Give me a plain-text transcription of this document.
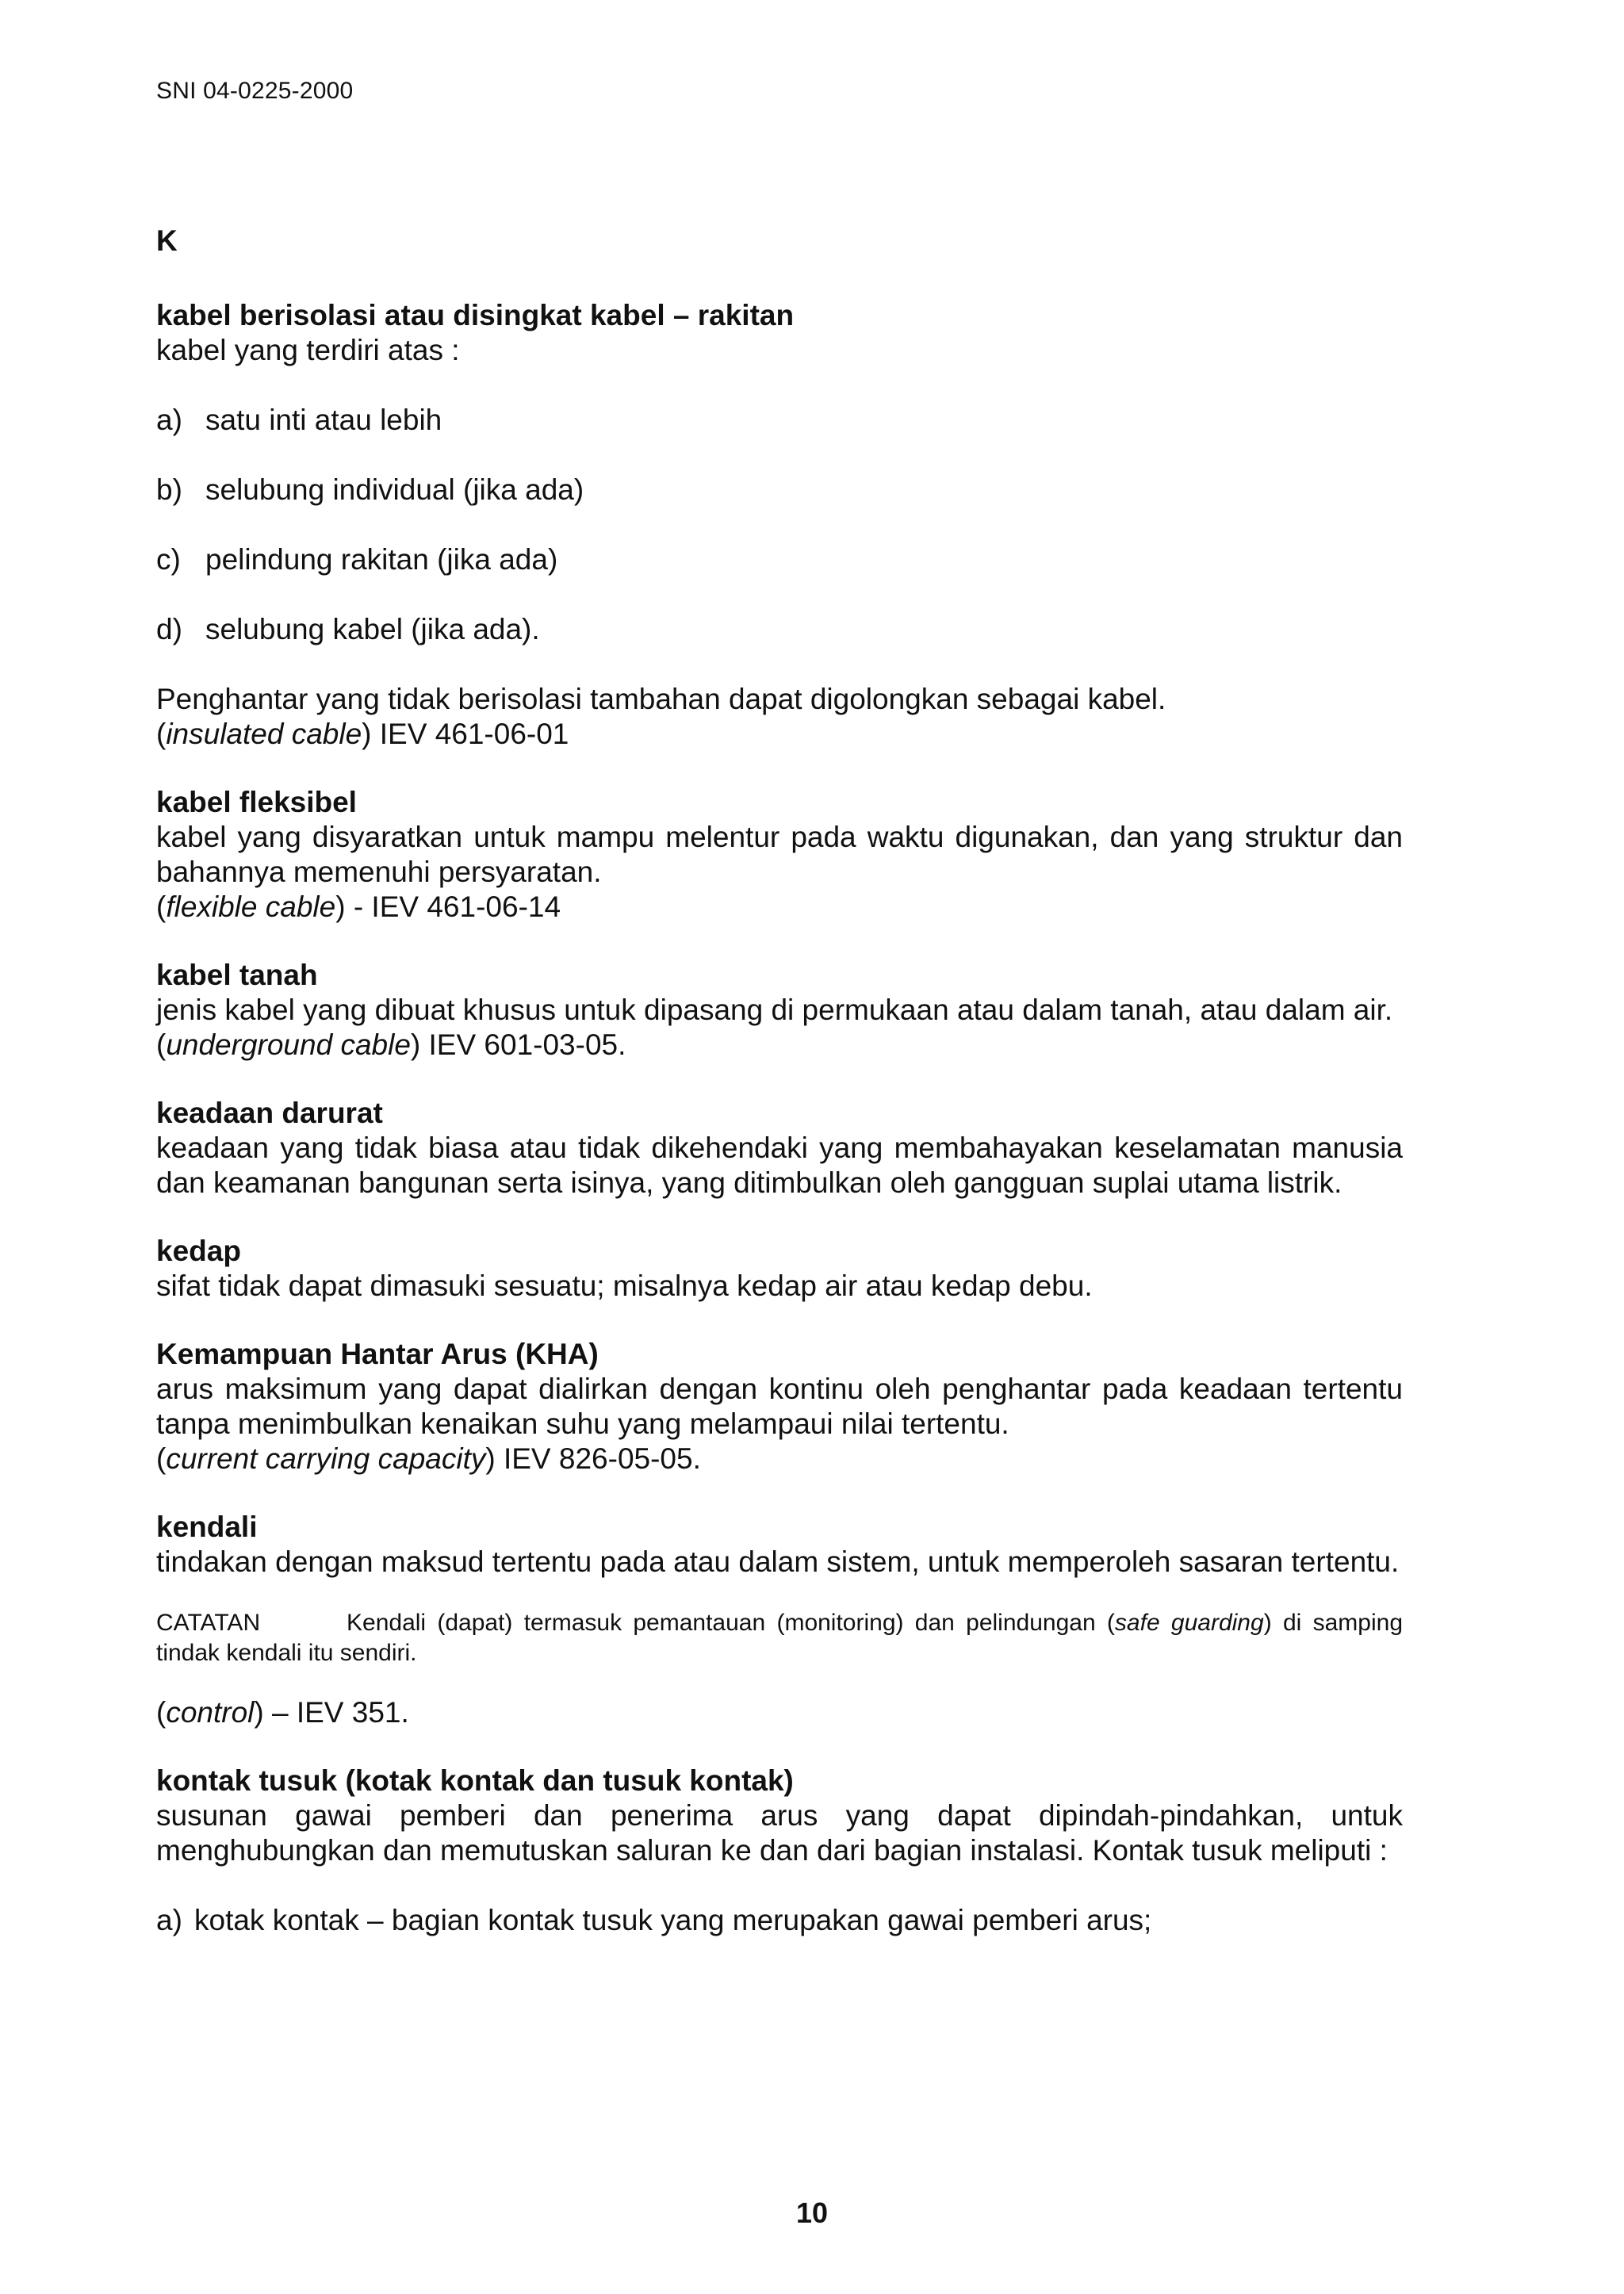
SNI 04-0225-2000
K
kabel berisolasi atau disingkat kabel – rakitan
kabel yang terdiri atas :
a) satu inti atau lebih
b) selubung individual (jika ada)
c) pelindung rakitan (jika ada)
d) selubung kabel (jika ada).
Penghantar yang tidak berisolasi tambahan dapat digolongkan sebagai kabel.
(insulated cable) IEV 461-06-01
kabel fleksibel
kabel yang disyaratkan untuk mampu melentur pada waktu digunakan, dan yang struktur dan bahannya memenuhi persyaratan.
(flexible cable) - IEV 461-06-14
kabel tanah
jenis kabel yang dibuat khusus untuk dipasang di permukaan atau dalam tanah, atau dalam air.
(underground cable) IEV 601-03-05.
keadaan darurat
keadaan yang tidak biasa atau tidak dikehendaki yang membahayakan keselamatan manusia dan keamanan bangunan serta isinya, yang ditimbulkan oleh gangguan suplai utama listrik.
kedap
sifat tidak dapat dimasuki sesuatu; misalnya kedap air atau kedap debu.
Kemampuan Hantar Arus (KHA)
arus maksimum yang dapat dialirkan dengan kontinu oleh penghantar pada keadaan tertentu tanpa menimbulkan kenaikan suhu yang melampaui nilai tertentu.
(current carrying capacity) IEV 826-05-05.
kendali
tindakan dengan maksud tertentu pada atau dalam sistem, untuk memperoleh sasaran tertentu.
CATATAN	Kendali (dapat) termasuk pemantauan (monitoring) dan pelindungan (safe guarding) di samping tindak kendali itu sendiri.
(control) – IEV 351.
kontak tusuk (kotak kontak dan tusuk kontak)
susunan gawai pemberi dan penerima arus yang dapat dipindah-pindahkan, untuk menghubungkan dan memutuskan saluran ke dan dari bagian instalasi. Kontak tusuk meliputi :
a) kotak kontak – bagian kontak tusuk yang merupakan gawai pemberi arus;
10
